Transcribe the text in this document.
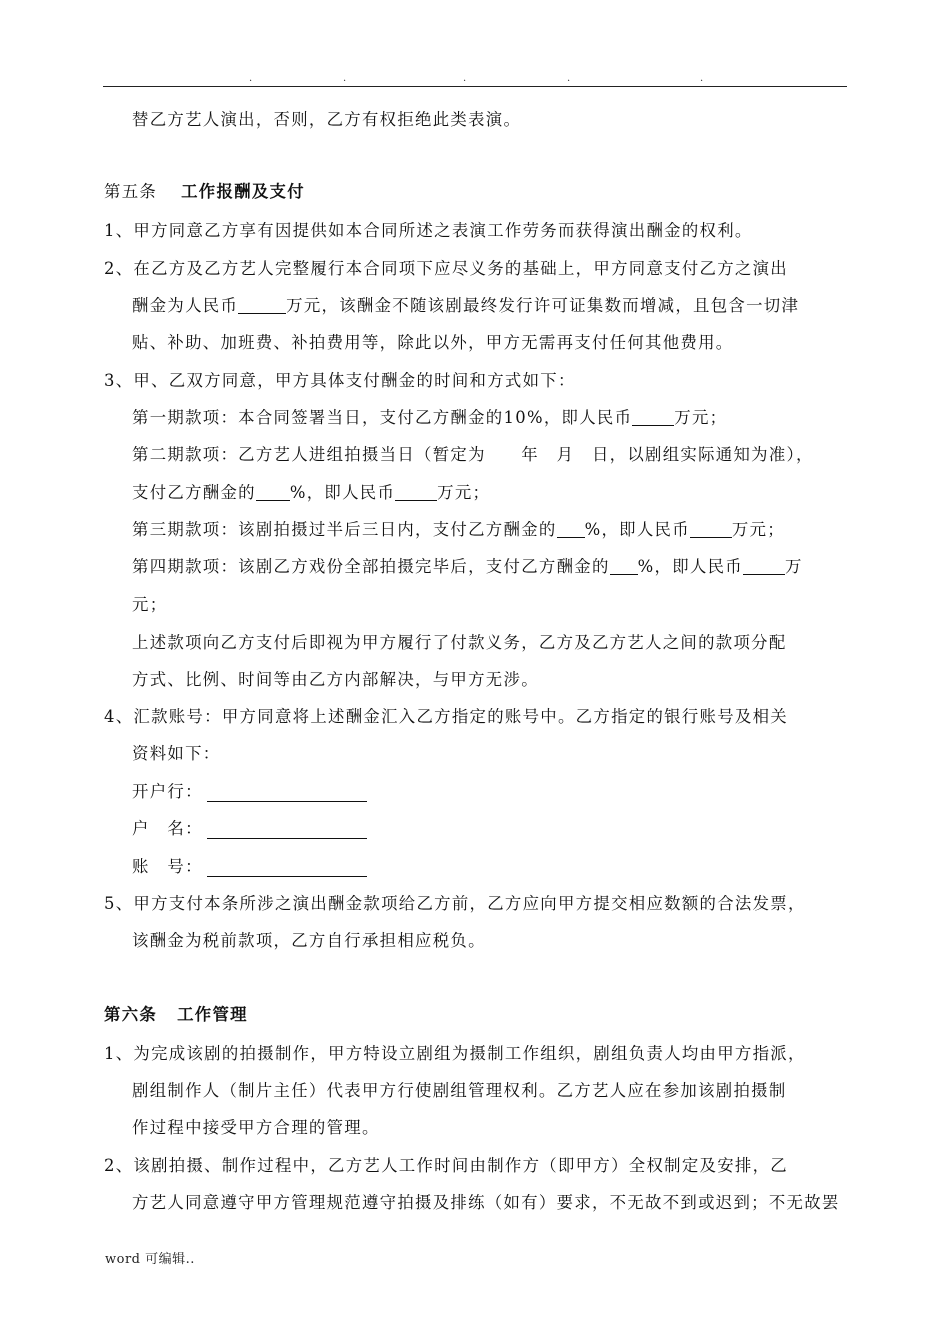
.	.	.	.	.
替乙方艺人演出，否则，乙方有权拒绝此类表演。
第五条 工作报酬及支付
1、甲方同意乙方享有因提供如本合同所述之表演工作劳务而获得演出酬金的权利。
2、在乙方及乙方艺人完整履行本合同项下应尽义务的基础上，甲方同意支付乙方之演出
酬金为人民币	万元，该酬金不随该剧最终发行许可证集数而增减，且包含一切津
贴、补助、加班费、补拍费用等，除此以外，甲方无需再支付任何其他费用。
3、甲、乙双方同意，甲方具体支付酬金的时间和方式如下：
第一期款项：本合同签署当日，支付乙方酬金的10%，即人民币	万元；
第二期款项：乙方艺人进组拍摄当日（暂定为　　年　月　日，以剧组实际通知为准），
支付乙方酬金的 %，即人民币	万元；
第三期款项：该剧拍摄过半后三日内，支付乙方酬金的 %，即人民币	万元；
第四期款项：该剧乙方戏份全部拍摄完毕后，支付乙方酬金的 %，即人民币	万
元；
上述款项向乙方支付后即视为甲方履行了付款义务，乙方及乙方艺人之间的款项分配
方式、比例、时间等由乙方内部解决，与甲方无涉。
4、汇款账号：甲方同意将上述酬金汇入乙方指定的账号中。乙方指定的银行账号及相关
资料如下：
开户行：
户　名：
账　号：
5、甲方支付本条所涉之演出酬金款项给乙方前，乙方应向甲方提交相应数额的合法发票，
该酬金为税前款项，乙方自行承担相应税负。
第六条 工作管理
1、为完成该剧的拍摄制作，甲方特设立剧组为摄制工作组织，剧组负责人均由甲方指派，
剧组制作人（制片主任）代表甲方行使剧组管理权利。乙方艺人应在参加该剧拍摄制
作过程中接受甲方合理的管理。
2、该剧拍摄、制作过程中，乙方艺人工作时间由制作方（即甲方）全权制定及安排，乙
方艺人同意遵守甲方管理规范遵守拍摄及排练（如有）要求，不无故不到或迟到；不无故罢
word 可编辑..
